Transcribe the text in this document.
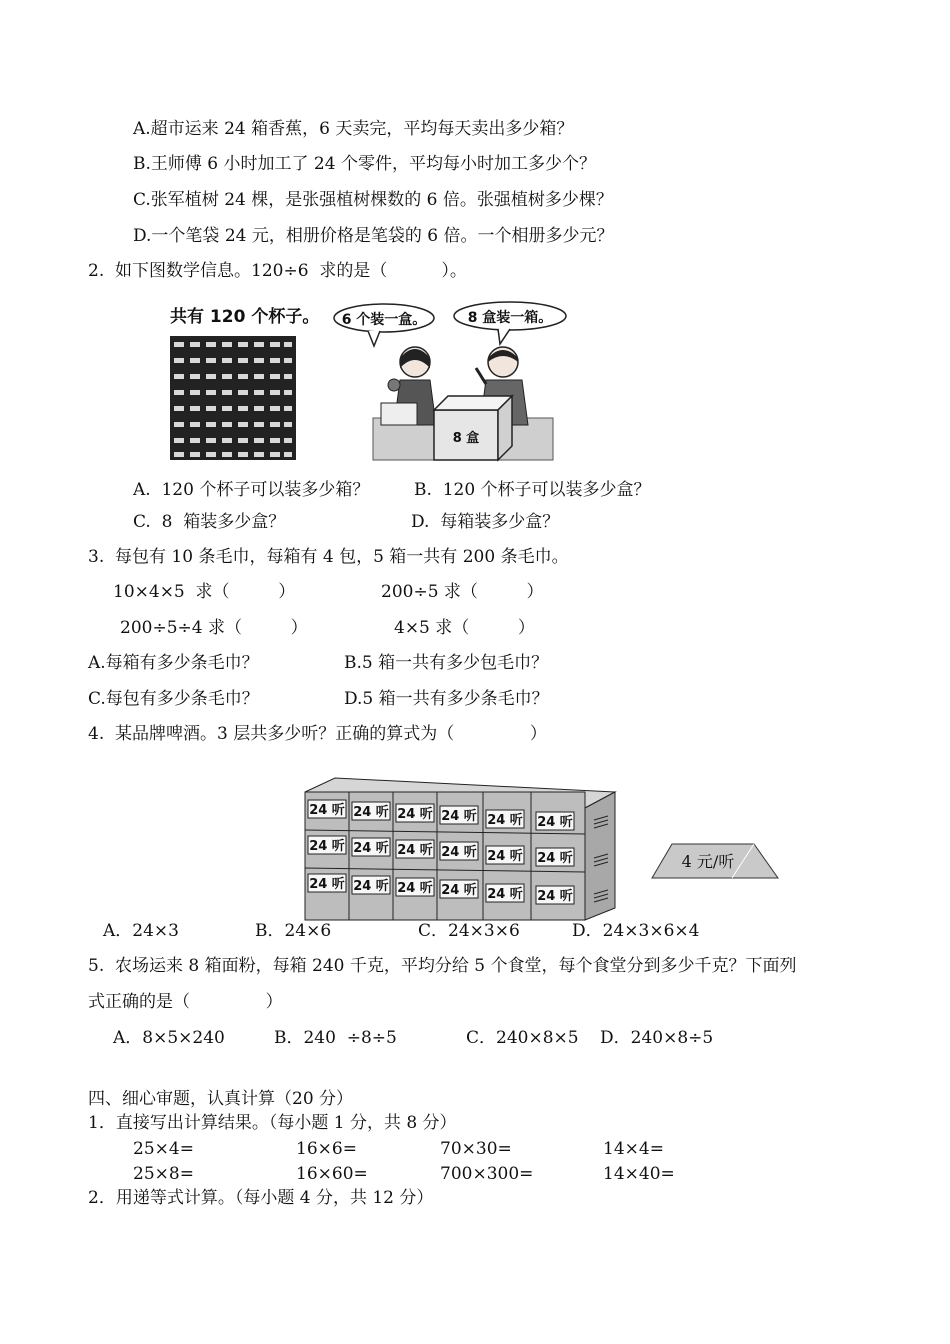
A.超市运来 24 箱香蕉，6 天卖完，平均每天卖出多少箱？
B.王师傅 6 小时加工了 24 个零件，平均每小时加工多少个？
C.张军植树 24 棵，是张强植树棵数的 6 倍。张强植树多少棵？
D.一个笔袋 24 元，相册价格是笔袋的 6 倍。一个相册多少元？
2.  如下图数学信息。120÷6  求的是（          ）。
共有 120 个杯子。 6 个装一盒。	8 盒装一箱。
8 盒
A.  120 个杯子可以装多少箱？	B.  120 个杯子可以装多少盒？
C.  8  箱装多少盒？	D.  每箱装多少盒？
3.  每包有 10 条毛巾，每箱有 4 包，5 箱一共有 200 条毛巾。
10×4×5  求（         ）	200÷5 求（         ）
200÷5÷4 求（         ）	4×5 求（         ）
A.每箱有多少条毛巾？	B.5 箱一共有多少包毛巾？
C.每包有多少条毛巾？	D.5 箱一共有多少条毛巾？
4.  某品牌啤酒。3 层共多少听？正确的算式为（              ）
24 听 24 听 24 听 24 听 24 听 24 听
24 听 24 听 24 听 24 听 24 听 24 听
24 听 24 听 24 听 24 听 24 听 24 听
4 元/听
A．24×3	B．24×6	C．24×3×6	D．24×3×6×4
5.  农场运来 8 箱面粉，每箱 240 千克，平均分给 5 个食堂，每个食堂分到多少千克？下面列
式正确的是（              ）
A．8×5×240	B．240  ÷8÷5	C．240×8×5 D．240×8÷5
四、细心审题，认真计算（20 分）
1．直接写出计算结果。（每小题 1 分，共 8 分）
25×4=	16×6=	70×30=	14×4=
25×8=	16×60=	700×300=	14×40=
2．用递等式计算。（每小题 4 分，共 12 分）
